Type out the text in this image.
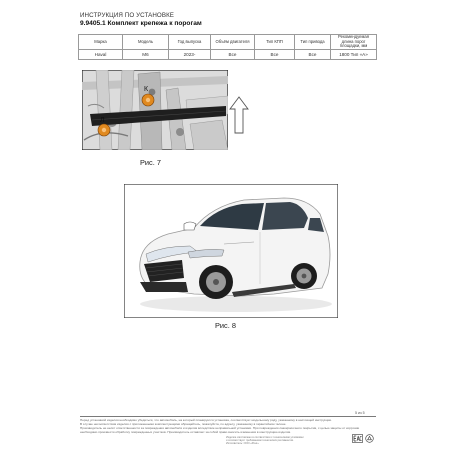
ИНСТРУКЦИЯ ПО УСТАНОВКЕ
9.9405.1 Комплект крепежа к порогам
Марка	Модель	Год выпуска	Объём двигателя	Тип КПП	Тип привода	Рекомендуемая длина порог площадки, мм
Haval	M6	2023-	Все	Все	Все	1800 Тип «А»
К
Л
Рис. 7
Рис. 8
5 из 5
Перед установкой изделия необходимо убедиться, что автомобиль, на который планируется установка, соответствует модельному ряду, указанному в настоящей инструкции.
В случае несоответствия изделия с приложенными комплектующими обращайтесь, пожалуйста, по адресу, указанному в гарантийном талоне.
Производитель не несёт ответственности за повреждения автомобиля и изделия вследствие неправильной установки. При повреждении лакокрасочного покрытия, с целью защиты от коррозии
необходимо произвести обработку поврежденных участков. Производитель оставляет за собой право вносить изменения в конструкцию изделия.
Изделие изготовлено в соответствии с техническими условиями
и соответствует требованиям технических регламентов.
Изготовитель: ООО «Ринг»
